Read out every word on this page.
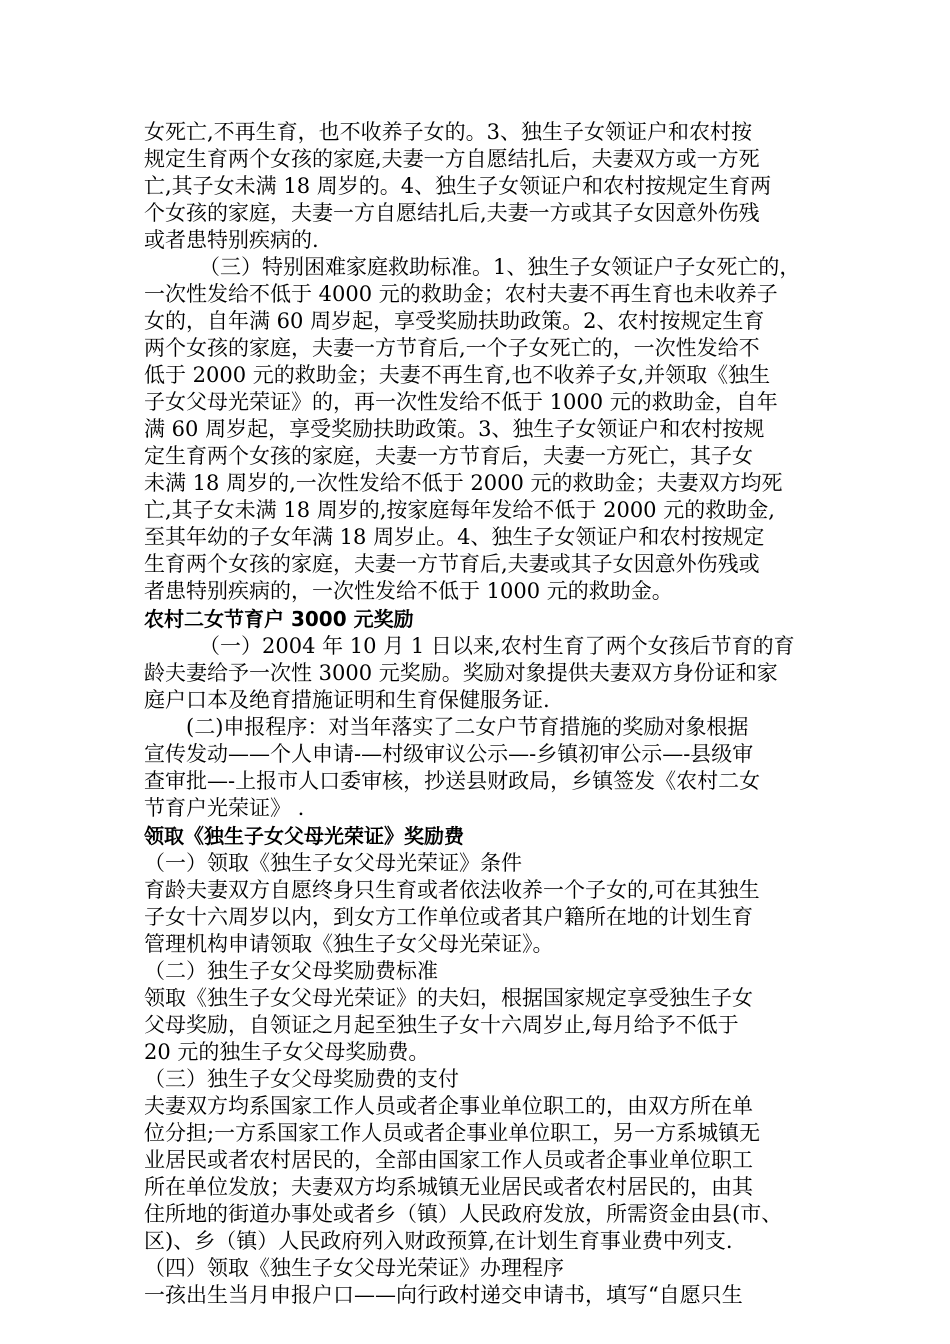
女死亡,不再生育，也不收养子女的。3、独生子女领证户和农村按
规定生育两个女孩的家庭,夫妻一方自愿结扎后，夫妻双方或一方死
亡,其子女未满 18 周岁的。4、独生子女领证户和农村按规定生育两
个女孩的家庭，夫妻一方自愿结扎后,夫妻一方或其子女因意外伤残
或者患特别疾病的.
（三）特别困难家庭救助标准。1、独生子女领证户子女死亡的，
一次性发给不低于 4000 元的救助金；农村夫妻不再生育也未收养子
女的，自年满 60 周岁起，享受奖励扶助政策。2、农村按规定生育
两个女孩的家庭，夫妻一方节育后,一个子女死亡的，一次性发给不
低于 2000 元的救助金；夫妻不再生育,也不收养子女,并领取《独生
子女父母光荣证》的，再一次性发给不低于 1000 元的救助金，自年
满 60 周岁起，享受奖励扶助政策。3、独生子女领证户和农村按规
定生育两个女孩的家庭，夫妻一方节育后，夫妻一方死亡，其子女
未满 18 周岁的,一次性发给不低于 2000 元的救助金；夫妻双方均死
亡,其子女未满 18 周岁的,按家庭每年发给不低于 2000 元的救助金,
至其年幼的子女年满 18 周岁止。4、独生子女领证户和农村按规定
生育两个女孩的家庭，夫妻一方节育后,夫妻或其子女因意外伤残或
者患特别疾病的，一次性发给不低于 1000 元的救助金。
农村二女节育户 3000 元奖励
（一）2004 年 10 月 1 日以来,农村生育了两个女孩后节育的育
龄夫妻给予一次性 3000 元奖励。奖励对象提供夫妻双方身份证和家
庭户口本及绝育措施证明和生育保健服务证.
(二)申报程序：对当年落实了二女户节育措施的奖励对象根据
宣传发动——个人申请-—村级审议公示—-乡镇初审公示—-县级审
查审批—-上报市人口委审核，抄送县财政局，乡镇签发《农村二女
节育户光荣证》 .
领取《独生子女父母光荣证》奖励费
（一）领取《独生子女父母光荣证》条件
育龄夫妻双方自愿终身只生育或者依法收养一个子女的,可在其独生
子女十六周岁以内，到女方工作单位或者其户籍所在地的计划生育
管理机构申请领取《独生子女父母光荣证》。
（二）独生子女父母奖励费标准
领取《独生子女父母光荣证》的夫妇，根据国家规定享受独生子女
父母奖励，自领证之月起至独生子女十六周岁止,每月给予不低于
20 元的独生子女父母奖励费。
（三）独生子女父母奖励费的支付
夫妻双方均系国家工作人员或者企事业单位职工的，由双方所在单
位分担;一方系国家工作人员或者企事业单位职工，另一方系城镇无
业居民或者农村居民的，全部由国家工作人员或者企事业单位职工
所在单位发放；夫妻双方均系城镇无业居民或者农村居民的，由其
住所地的街道办事处或者乡（镇）人民政府发放，所需资金由县(市、
区)、乡（镇）人民政府列入财政预算,在计划生育事业费中列支.
（四）领取《独生子女父母光荣证》办理程序
一孩出生当月申报户口——向行政村递交申请书，填写“自愿只生
